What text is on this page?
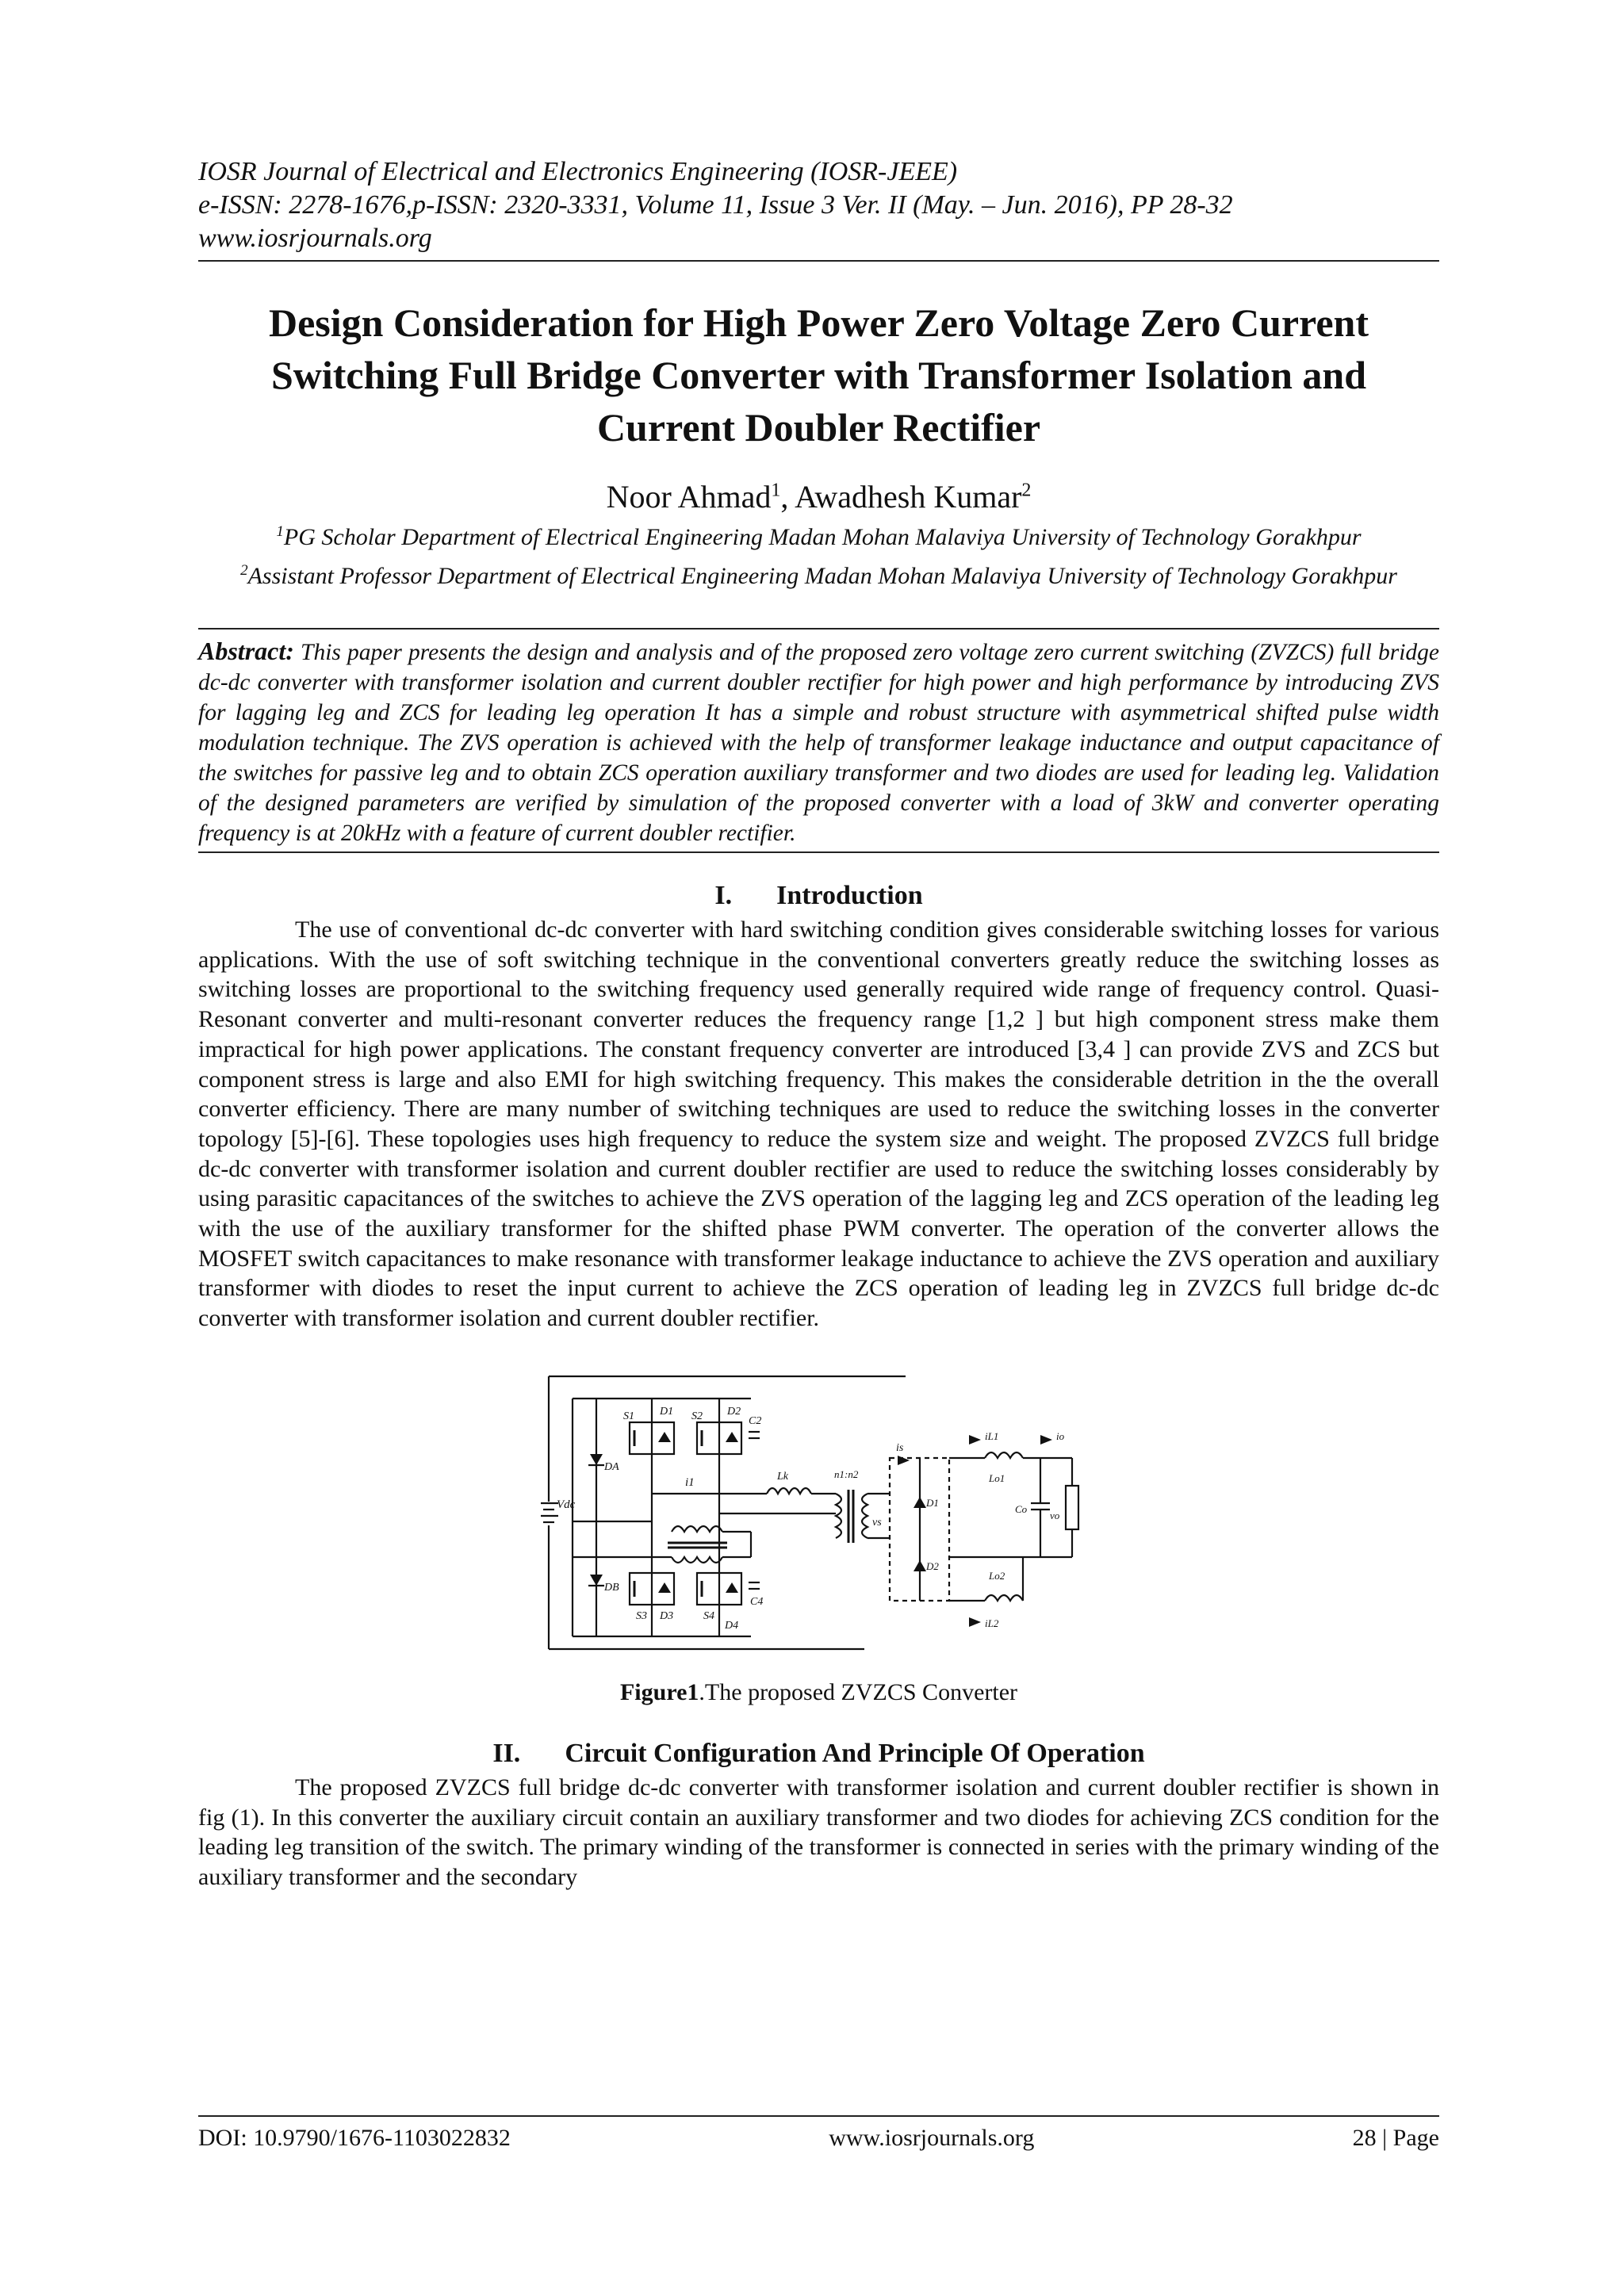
IOSR Journal of Electrical and Electronics Engineering (IOSR-JEEE)
e-ISSN: 2278-1676,p-ISSN: 2320-3331, Volume 11, Issue 3 Ver. II (May. – Jun. 2016), PP 28-32
www.iosrjournals.org
Design Consideration for High Power Zero Voltage Zero Current Switching Full Bridge Converter with Transformer Isolation and Current Doubler Rectifier
Noor Ahmad$^1$, Awadhesh Kumar$^2$
$^1$PG Scholar Department of Electrical Engineering Madan Mohan Malaviya University of Technology Gorakhpur
$^2$Assistant Professor Department of Electrical Engineering Madan Mohan Malaviya University of Technology Gorakhpur
Abstract: This paper presents the design and analysis and of the proposed zero voltage zero current switching (ZVZCS) full bridge dc-dc converter with transformer isolation and current doubler rectifier for high power and high performance by introducing ZVS for lagging leg and ZCS for leading leg operation It has a simple and robust structure with asymmetrical shifted pulse width modulation technique. The ZVS operation is achieved with the help of transformer leakage inductance and output capacitance of the switches for passive leg and to obtain ZCS operation auxiliary transformer and two diodes are used for leading leg. Validation of the designed parameters are verified by simulation of the proposed converter with a load of 3kW and converter operating frequency is at 20kHz with a feature of current doubler rectifier.
I. Introduction

The use of conventional dc-dc converter with hard switching condition gives considerable switching losses for various applications. With the use of soft switching technique in the conventional converters greatly reduce the switching losses as switching losses are proportional to the switching frequency used generally required wide range of frequency control. Quasi-Resonant converter and multi-resonant converter reduces the frequency range [1,2 ] but high component stress make them impractical for high power applications. The constant frequency converter are introduced [3,4 ] can provide ZVS and ZCS but component stress is large and also EMI for high switching frequency. This makes the considerable detrition in the the overall converter efficiency. There are many number of switching techniques are used to reduce the switching losses in the converter topology [5]-[6]. These topologies uses high frequency to reduce the system size and weight. The proposed ZVZCS full bridge dc-dc converter with transformer isolation and current doubler rectifier are used to reduce the switching losses considerably by using parasitic capacitances of the switches to achieve the ZVS operation of the lagging leg and ZCS operation of the leading leg with the use of the auxiliary transformer for the shifted phase PWM converter. The operation of the converter allows the MOSFET switch capacitances to make resonance with transformer leakage inductance to achieve the ZVS operation and auxiliary transformer with diodes to reset the input current to achieve the ZCS operation of leading leg in ZVZCS full bridge dc-dc converter with transformer isolation and current doubler rectifier.

Vdc
DA
DB
S1 D1 S2 D2
C2
S3 D3	S4
D4
C4
i1	Lk	n1:n2
vs
is
D1
D2
Lo1
iL1
Lo2
iL2
io
Co
vo
Figure1.The proposed ZVZCS Converter
II. Circuit Configuration And Principle Of Operation

The proposed ZVZCS full bridge dc-dc converter with transformer isolation and current doubler rectifier is shown in fig (1). In this converter the auxiliary circuit contain an auxiliary transformer and two diodes for achieving ZCS condition for the leading leg transition of the switch. The primary winding of the transformer is connected in series with the primary winding of the auxiliary transformer and the secondary

DOI: 10.9790/1676-1103022832	www.iosrjournals.org	28 | Page
